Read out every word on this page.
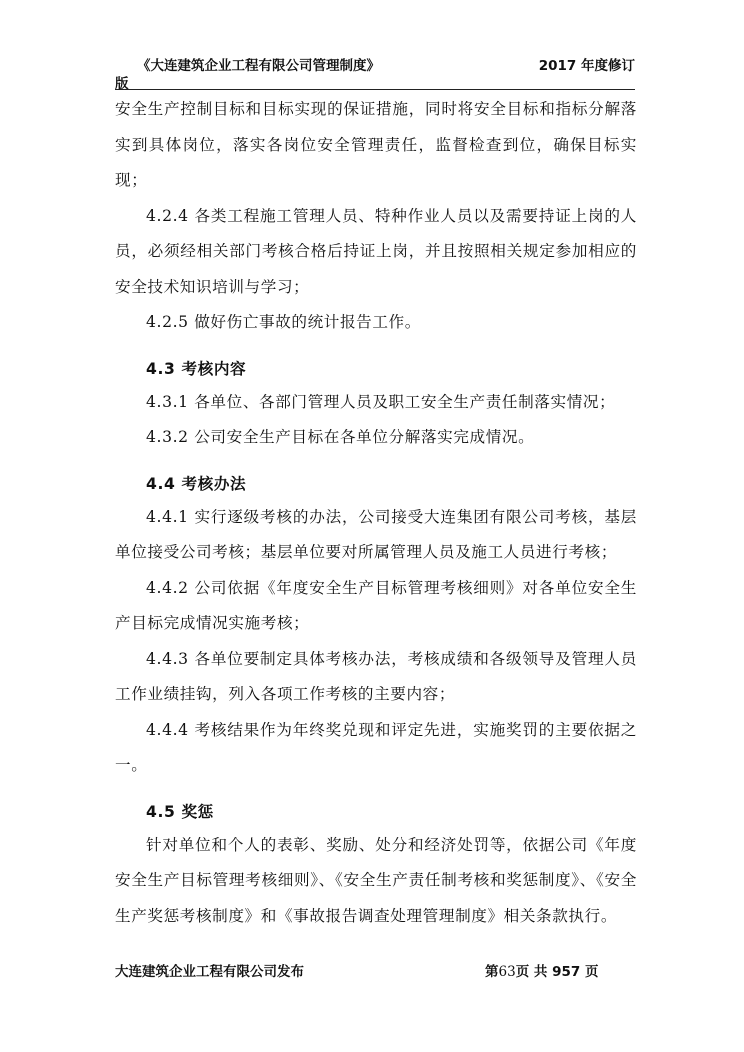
《大连建筑企业工程有限公司管理制度》	2017 年度修订
版

安全生产控制目标和目标实现的保证措施，同时将安全目标和指标分解落实到具体岗位，落实各岗位安全管理责任，监督检查到位，确保目标实现；

4.2.4 各类工程施工管理人员、特种作业人员以及需要持证上岗的人员，必须经相关部门考核合格后持证上岗，并且按照相关规定参加相应的安全技术知识培训与学习；

4.2.5 做好伤亡事故的统计报告工作。

4.3 考核内容

4.3.1 各单位、各部门管理人员及职工安全生产责任制落实情况；

4.3.2 公司安全生产目标在各单位分解落实完成情况。

4.4 考核办法

4.4.1 实行逐级考核的办法，公司接受大连集团有限公司考核，基层单位接受公司考核；基层单位要对所属管理人员及施工人员进行考核；

4.4.2 公司依据《年度安全生产目标管理考核细则》对各单位安全生产目标完成情况实施考核；

4.4.3 各单位要制定具体考核办法，考核成绩和各级领导及管理人员工作业绩挂钩，列入各项工作考核的主要内容；

4.4.4 考核结果作为年终奖兑现和评定先进，实施奖罚的主要依据之一。

4.5 奖惩

针对单位和个人的表彰、奖励、处分和经济处罚等，依据公司《年度安全生产目标管理考核细则》、《安全生产责任制考核和奖惩制度》、《安全生产奖惩考核制度》和《事故报告调查处理管理制度》相关条款执行。

大连建筑企业工程有限公司发布	第63页 共 957 页
